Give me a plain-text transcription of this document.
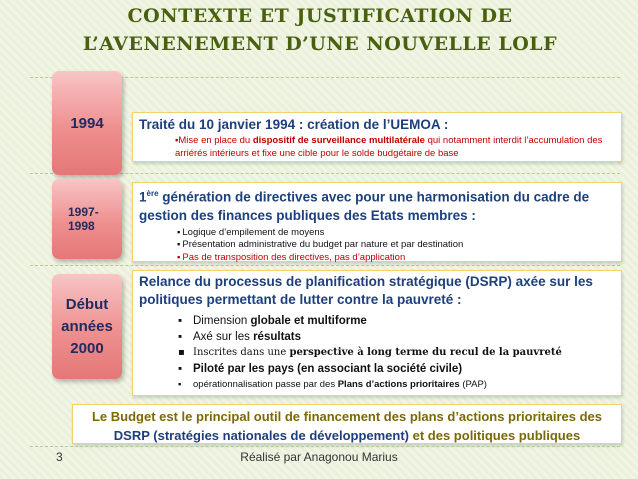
CONTEXTE ET JUSTIFICATION DE
L’AVENENEMENT D’UNE NOUVELLE LOLF
1994	Traité du 10 janvier 1994 : création de l’UEMOA :
▪Mise en place du dispositif de surveillance multilatérale qui notamment interdit l’accumulation des arriérés intérieurs et fixe une cible pour le solde budgétaire de base
1997-
1998
1ère génération de directives avec pour une harmonisation du cadre de gestion des finances publiques des Etats membres :
▪ Logique d’empilement de moyens
▪ Présentation administrative du budget par nature et par destination
▪ Pas de transposition des directives, pas d’application
Début
années
2000
Relance du processus de planification stratégique (DSRP) axée sur les politiques permettant de lutter contre la pauvreté :
▪ Dimension globale et multiforme
▪ Axé sur les résultats
▪ Inscrites dans une perspective à long terme du recul de la pauvreté
▪ Piloté par les pays (en associant la société civile)
▪ opérationnalisation passe par des Plans d’actions prioritaires (PAP)
Le Budget est le principal outil de financement des plans d’actions prioritaires des DSRP (stratégies nationales de développement) et des politiques publiques
3	Réalisé par Anagonou Marius
